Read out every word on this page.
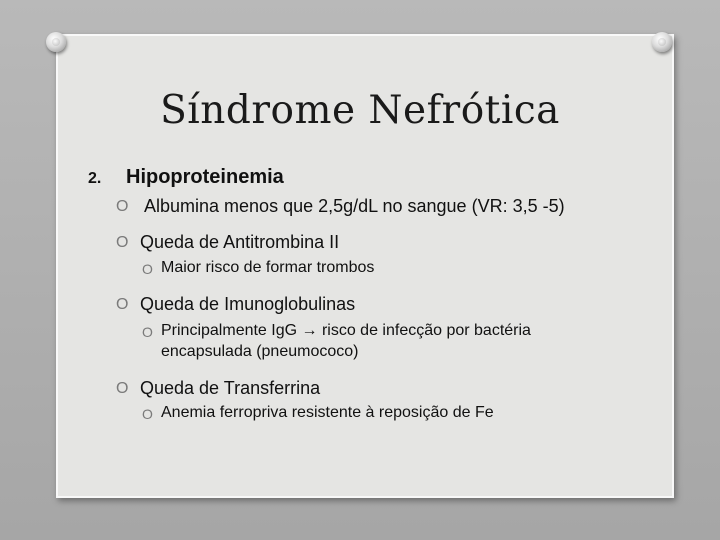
Síndrome Nefrótica
2. Hipoproteinemia
O Albumina menos que 2,5g/dL no sangue (VR: 3,5 -5)
O Queda de Antitrombina II
O Maior risco de formar trombos
O Queda de Imunoglobulinas
O Principalmente IgG → risco de infecção por bactéria
encapsulada (pneumococo)
O Queda de Transferrina
O Anemia ferropriva resistente à reposição de Fe
